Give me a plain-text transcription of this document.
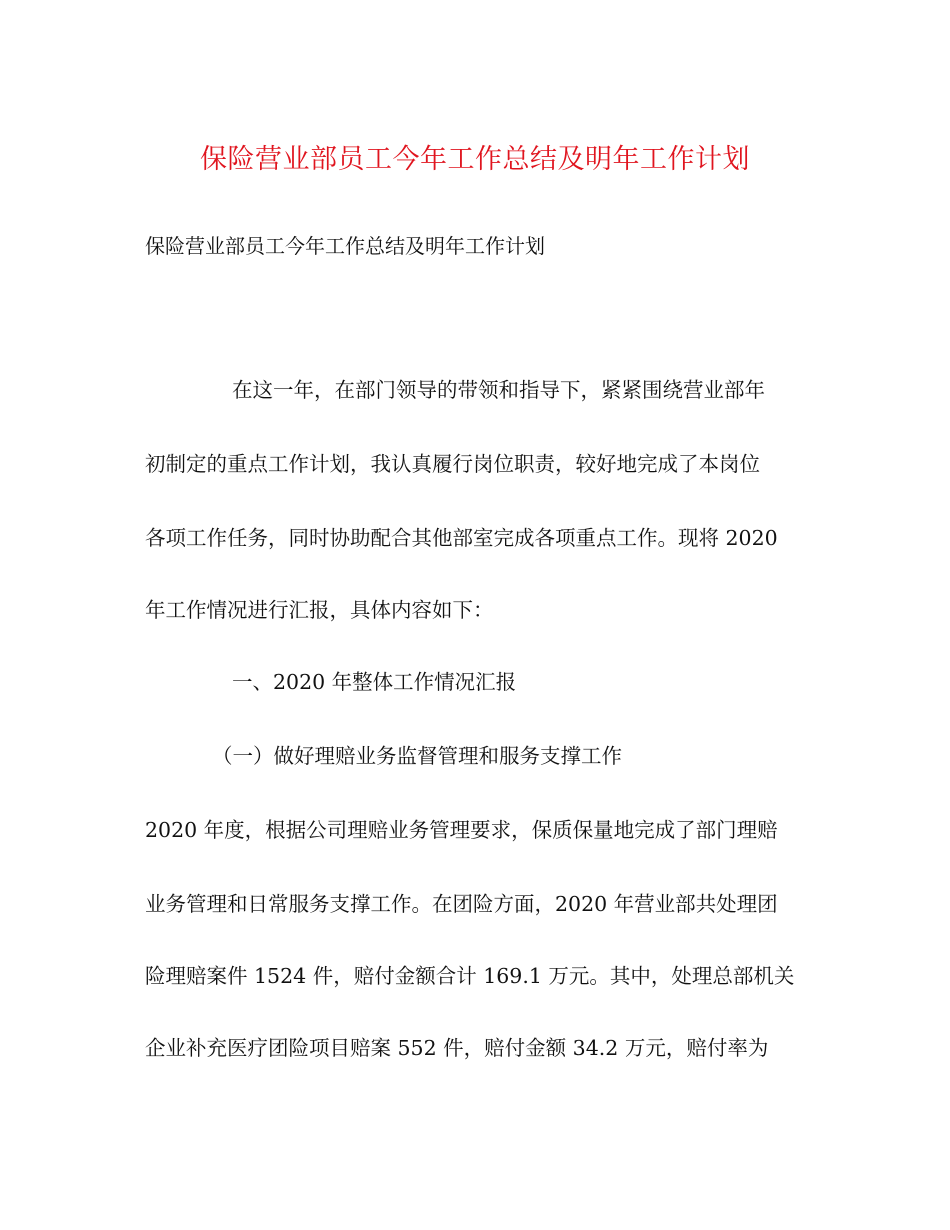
保险营业部员工今年工作总结及明年工作计划
保险营业部员工今年工作总结及明年工作计划
在这一年，在部门领导的带领和指导下，紧紧围绕营业部年
初制定的重点工作计划，我认真履行岗位职责，较好地完成了本岗位
各项工作任务，同时协助配合其他部室完成各项重点工作。现将 2020
年工作情况进行汇报，具体内容如下：
一、2020 年整体工作情况汇报
（一）做好理赔业务监督管理和服务支撑工作
2020 年度，根据公司理赔业务管理要求，保质保量地完成了部门理赔
业务管理和日常服务支撑工作。在团险方面，2020 年营业部共处理团
险理赔案件 1524 件，赔付金额合计 169.1 万元。其中，处理总部机关
企业补充医疗团险项目赔案 552 件，赔付金额 34.2 万元，赔付率为
